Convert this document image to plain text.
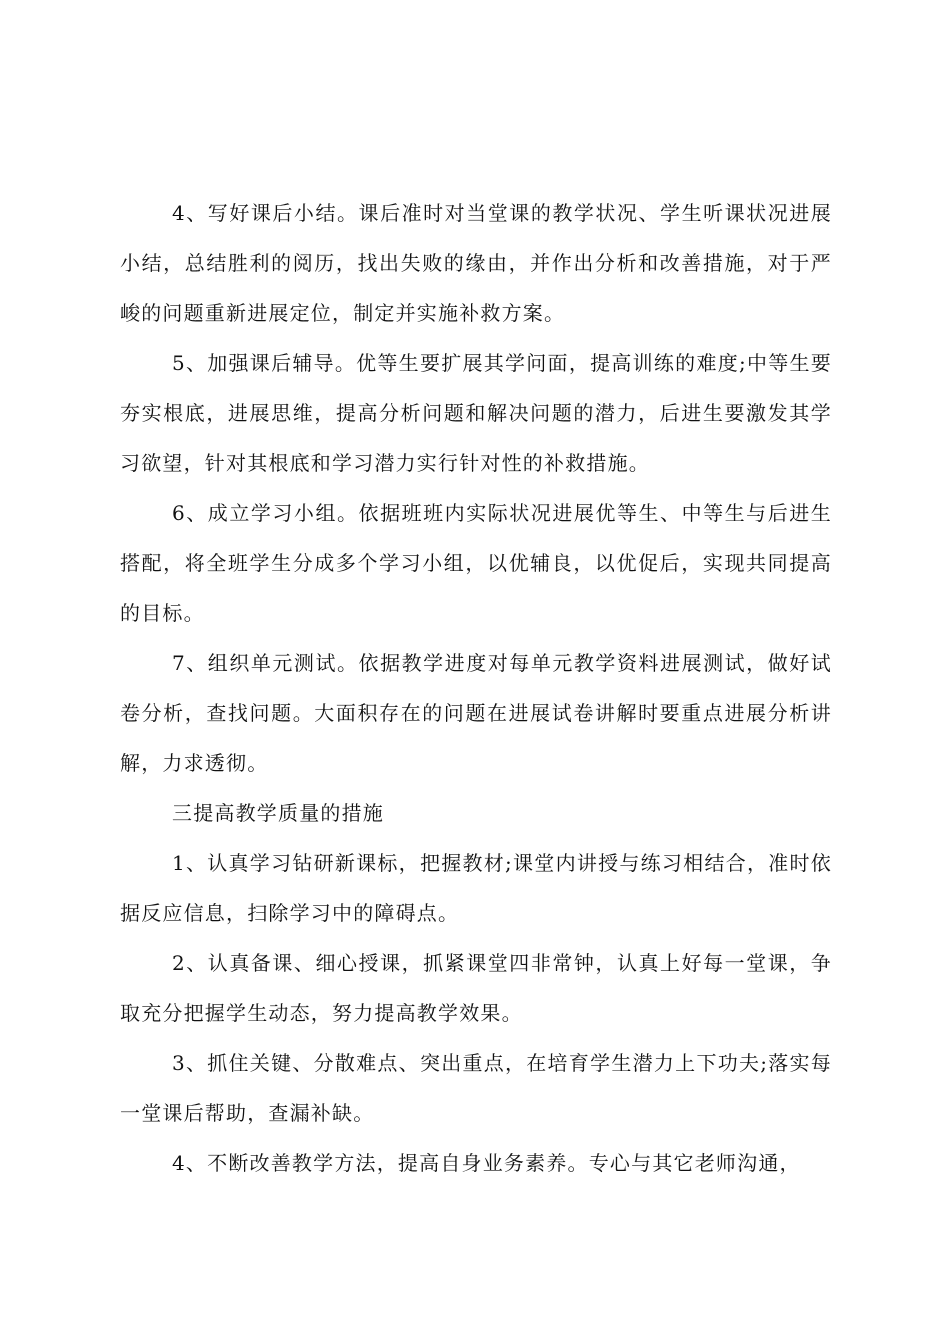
4、写好课后小结。课后准时对当堂课的教学状况、学生听课状况进展小结，总结胜利的阅历，找出失败的缘由，并作出分析和改善措施，对于严峻的问题重新进展定位，制定并实施补救方案。

5、加强课后辅导。优等生要扩展其学问面，提高训练的难度;中等生要夯实根底，进展思维，提高分析问题和解决问题的潜力，后进生要激发其学习欲望，针对其根底和学习潜力实行针对性的补救措施。

6、成立学习小组。依据班班内实际状况进展优等生、中等生与后进生搭配，将全班学生分成多个学习小组，以优辅良，以优促后，实现共同提高的目标。

7、组织单元测试。依据教学进度对每单元教学资料进展测试，做好试卷分析，查找问题。大面积存在的问题在进展试卷讲解时要重点进展分析讲解，力求透彻。

三提高教学质量的措施

1、认真学习钻研新课标，把握教材;课堂内讲授与练习相结合，准时依据反应信息，扫除学习中的障碍点。

2、认真备课、细心授课，抓紧课堂四非常钟，认真上好每一堂课，争取充分把握学生动态，努力提高教学效果。

3、抓住关键、分散难点、突出重点，在培育学生潜力上下功夫;落实每一堂课后帮助，查漏补缺。

4、不断改善教学方法，提高自身业务素养。专心与其它老师沟通，
